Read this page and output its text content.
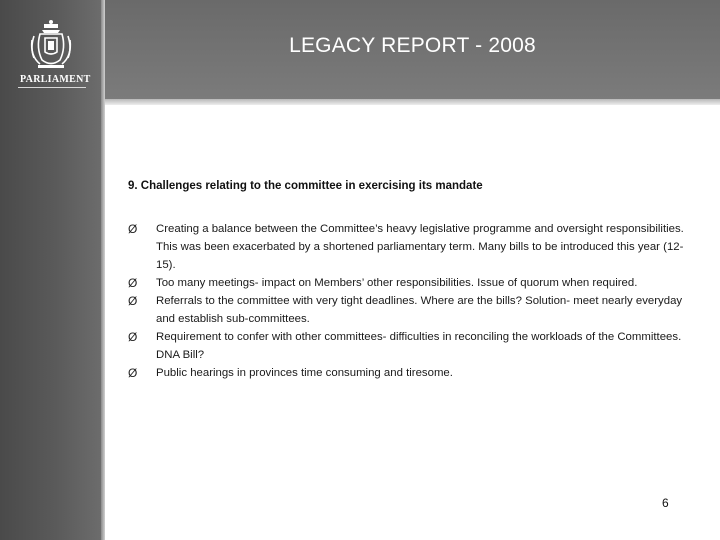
PARLIAMENT
LEGACY REPORT - 2008
9. Challenges relating to the committee in exercising its mandate
Ø Creating a balance between the Committee’s heavy legislative programme and oversight responsibilities. This was been exacerbated by a shortened parliamentary term. Many bills to be introduced this year (12-15).
Ø Too many meetings- impact on Members’ other responsibilities. Issue of quorum when required.
Ø Referrals to the committee with very tight deadlines. Where are the bills? Solution- meet nearly everyday and establish sub-committees.
Ø Requirement to confer with other committees- difficulties in reconciling the workloads of the Committees. DNA Bill?
Ø Public hearings in provinces time consuming and tiresome.
6
